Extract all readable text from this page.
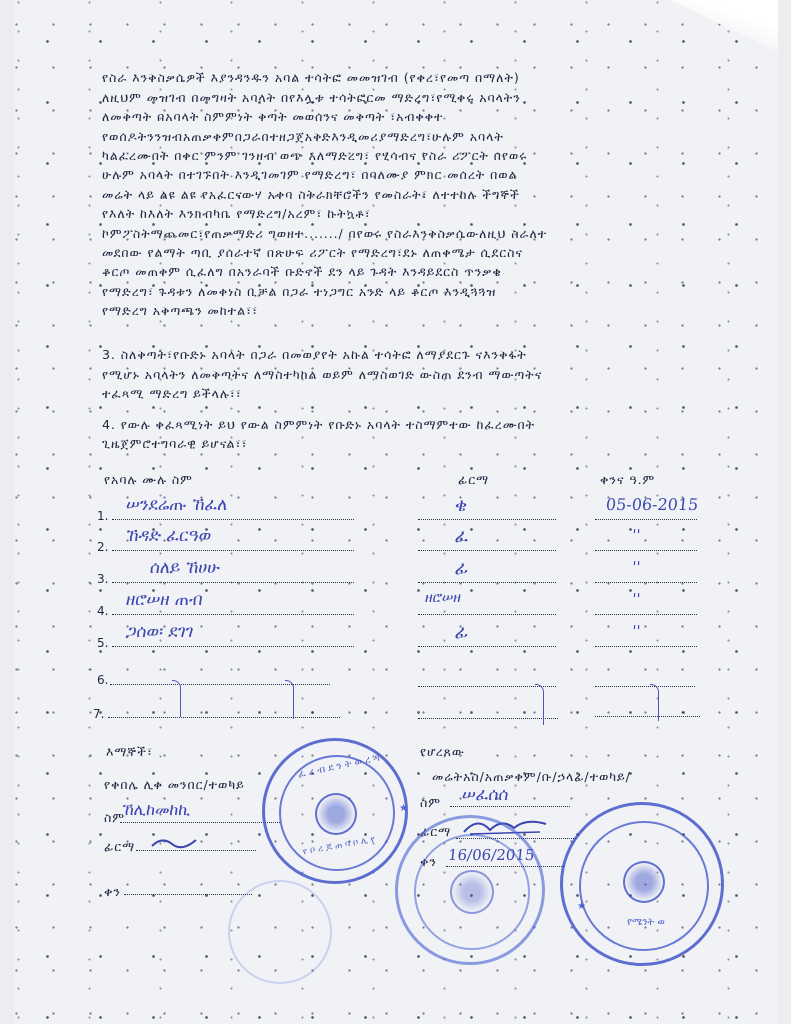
የስራ እንቅስቃሴዎች እያንዳንዱን አባል ተሳትፎ መመዝገብ (የቀረ፣የመጣ በማለት)
ለዚህም መዝገብ በመግዛት አባላት በየእሏቱ ተሳትፎርመ ማድረግ፣የሚቀሩ አባላትን
ለመቅጣት በአባላት ስምምነት ቅጣት መወሰንና መቅጣት ፣አብቀቀተ
የወሰዶትንንዝብአጠቃቀምበጋራበተዘጋጀአቅድእንዲመሪያማድረግ፣ሁሉም አባላት
ካልፈረሙበት በቀር ምንም ገንዘብ ወጭ አለማድረግ፣ የሂሳብና የስራ ሪፖርት በየወሩ
ሁሉም አባላት በተገኙበት እንዲገመገም የማድረግ፣ በባለሙያ ምክር መሰረት በወል
መሬት ላይ ልዩ ልዩ የአፈርናውሃ አቀባ ስትራክቸሮችን የመስራት፣ ለተተከሉ ችግኞች
የእለት ከእለት እንክብካቤ የማድረግ/አረም፣ ኩትኳቶ፣
ኮምፖስትማጨመር፣የጠቃማድሪ ግወዘተ......./ በየወሩ የስራእንቅስቃሴውለዚህ ስራለተ
መደበው የልማት ጣቢ ያሰራተኛ በጽሁፍ ሪፖርት የማድረግ፣ደኑ ለጠቀሜታ ሲደርስና
ቆርጦ መጠቀም ሲፈለግ በአንራባች ቡድኖች ደን ላይ ጉዳት እንዳይደርስ ጥንቃቄ
የማድረግ፣ ጉዳቱን ለመቀነስ ቢቻል በጋራ ተነጋግር አንድ ላይ ቆርጦ እንዲጓጓዝ
የማድረግ አቅጣጫን መከተል፣፣
3. ስለቅጣት፣የቡድኑ አባላት በጋራ በመወያየት አኩል ተሳትፎ ለማያደርጉ ናእንቅፋት
የሚሆኑ አባላትን ለመቅጣትና ለማስተካከል ወይም ለማስወገድ ውስጠ ደንብ ማውጣትና
ተፈጻሚ ማድረግ ይችላሉ፣፣
4. የውሉ ቀፈጻሚነት ይህ የውል ስምምነት የቡድኑ አባላት ተስማምተው ከፈረሙበት
ጊዜጀምሮተግባራዊ ይሆናል፣፣
የአባሉ ሙሉ ስም	ፊርማ	ቀንና ዓ.ም
1.
ሠንደሬጡ ኸፈለ	ቄ	05-06-2015
2.
ኸዳድ ፈርዓወ	ፈ	''
3.
ሰለይ ኸሀሁ	ፊ	''
4.
ዘሮሠዘ ጠብ	ዘሮሠዘ	''
5.
ጋሰወ፡ ደገገ	ፊ	''
6.
7.
እማኞች፣
የቀበሌ ሊቀ መንበር/ተወካይ
ስም
ኸሊከመከኪ
ፊርማ
ቀን
የሆረጸው
መሬትአስ/አጠቃቀም/ቡ/ኃላፊ/ተወካይ/
ስም	ሠፈሰሰ
ፊርማ
ቀን 16/06/2015
ፈ ረ ብ ደ ን ት ወ ረ ዳ
የ ቦ ረ ጆ ጠ ባ ቦ ሊ የ
★
★
የሜንት ወ
